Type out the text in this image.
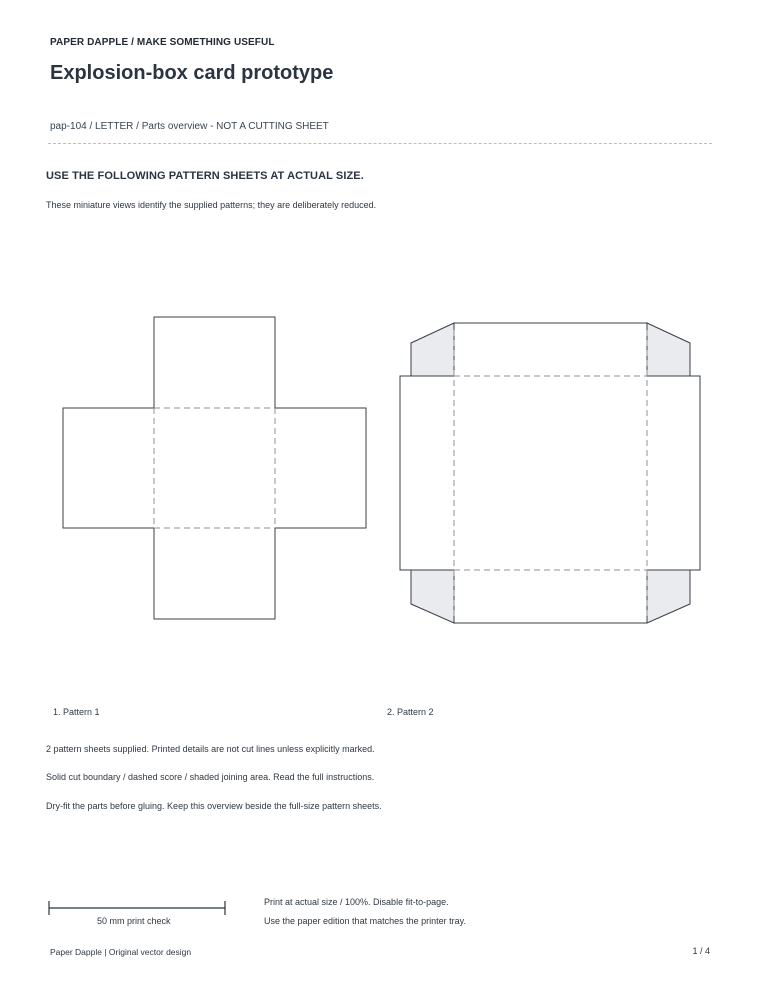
PAPER DAPPLE / MAKE SOMETHING USEFUL
Explosion-box card prototype
pap-104 / LETTER / Parts overview - NOT A CUTTING SHEET
USE THE FOLLOWING PATTERN SHEETS AT ACTUAL SIZE.
These miniature views identify the supplied patterns; they are deliberately reduced.
1. Pattern 1	2. Pattern 2
2 pattern sheets supplied. Printed details are not cut lines unless explicitly marked.
Solid cut boundary / dashed score / shaded joining area. Read the full instructions.
Dry-fit the parts before gluing. Keep this overview beside the full-size pattern sheets.
50 mm print check
Print at actual size / 100%. Disable fit-to-page.
Use the paper edition that matches the printer tray.
Paper Dapple | Original vector design	1 / 4
